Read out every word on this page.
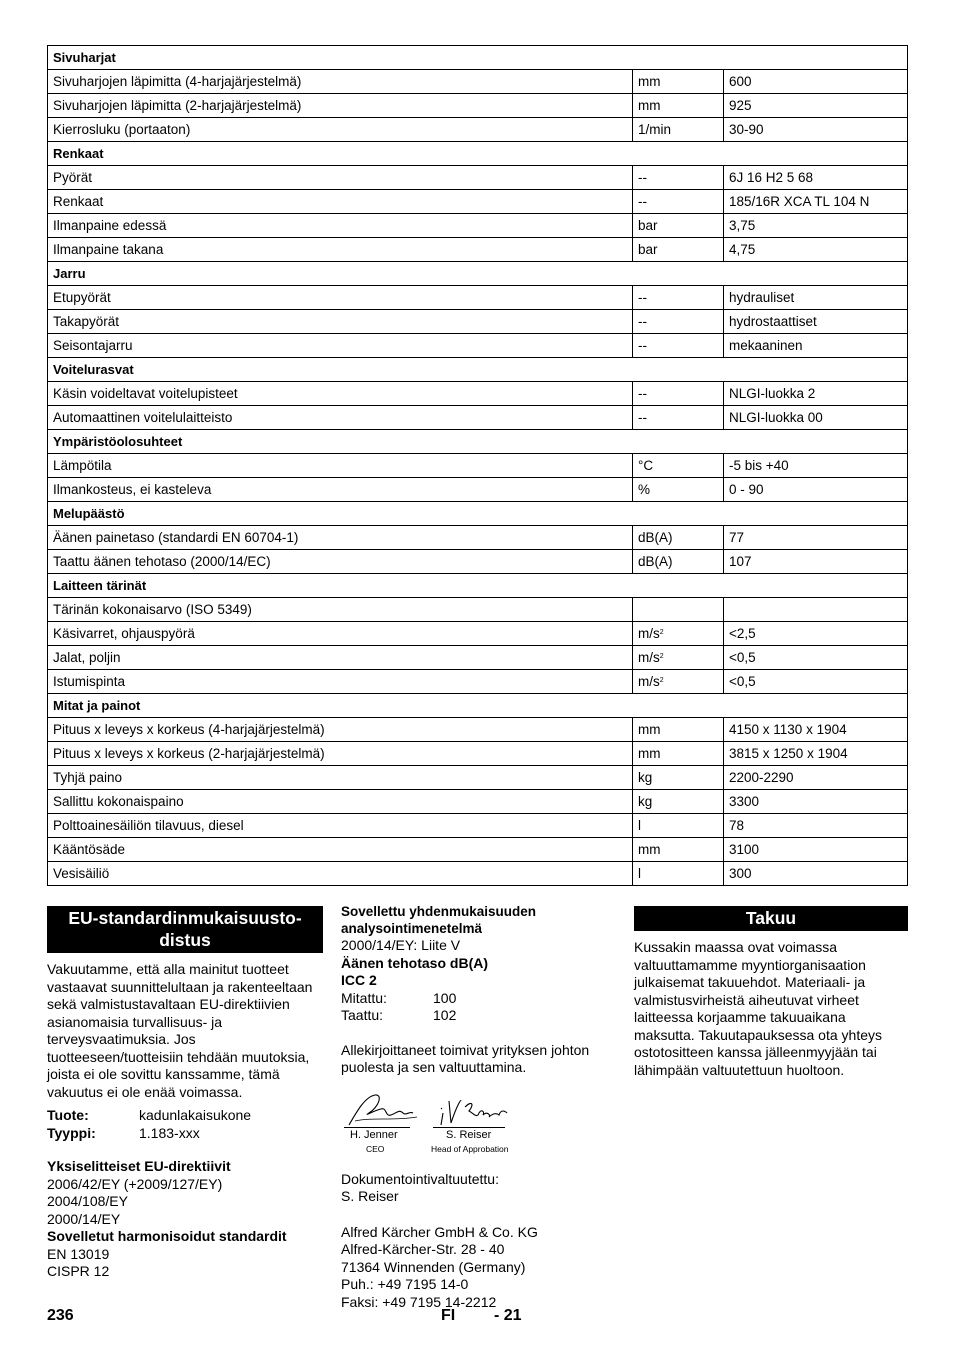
Sivuharjat		
Sivuharjojen läpimitta (4-harjajärjestelmä)	mm	600
Sivuharjojen läpimitta (2-harjajärjestelmä)	mm	925
Kierrosluku (portaaton)	1/min	30-90
Renkaat		
Pyörät	--	6J 16 H2 5 68
Renkaat	--	185/16R XCA TL 104 N
Ilmanpaine edessä	bar	3,75
Ilmanpaine takana	bar	4,75
Jarru		
Etupyörät	--	hydrauliset
Takapyörät	--	hydrostaattiset
Seisontajarru	--	mekaaninen
Voitelurasvat		
Käsin voideltavat voitelupisteet	--	NLGI-luokka 2
Automaattinen voitelulaitteisto	--	NLGI-luokka 00
Ympäristöolosuhteet		
Lämpötila	°C	-5 bis +40
Ilmankosteus, ei kasteleva	%	0 - 90
Melupäästö		
Äänen painetaso (standardi EN 60704-1)	dB(A)	77
Taattu äänen tehotaso (2000/14/EC)	dB(A)	107
Laitteen tärinät		
Tärinän kokonaisarvo (ISO 5349)		
Käsivarret, ohjauspyörä	$m/s^2$	<2,5
Jalat, poljin	$m/s^2$	<0,5
Istumispinta	$m/s^2$	<0,5
Mitat ja painot		
Pituus x leveys x korkeus (4-harjajärjestelmä)	mm	4150 x 1130 x 1904
Pituus x leveys x korkeus (2-harjajärjestelmä)	mm	3815 x 1250 x 1904
Tyhjä paino	kg	2200-2290
Sallittu kokonaispaino	kg	3300
Polttoainesäiliön tilavuus, diesel	l	78
Kääntösäde	mm	3100
Vesisäiliö	l	300
EU-standardinmukaisuusto-distus

Vakuutamme, että alla mainitut tuotteet vastaavat suunnittelultaan ja rakenteeltaan sekä valmistustavaltaan EU-direktiivien asianomaisia turvallisuus- ja terveysvaatimuksia. Jos tuotteeseen/tuotteisiin tehdään muutoksia, joista ei ole sovittu kanssamme, tämä vakuutus ei ole enää voimassa.

Tuote:	kadunlakaisukone
Tyyppi:	1.183-xxx
Yksiselitteiset EU-direktiivit
2006/42/EY (+2009/127/EY)
2004/108/EY
2000/14/EY
Sovelletut harmonisoidut standardit
EN 13019
CISPR 12
Sovellettu yhdenmukaisuuden analysointimenetelmä
2000/14/EY: Liite V
Äänen tehotaso dB(A)
ICC 2
Mitattu:	100
Taattu:	102

Allekirjoittaneet toimivat yrityksen johton puolesta ja sen valtuuttamina.

H. Jenner	S. Reiser
CEO	Head of Approbation
Dokumentointivaltuutettu:
S. Reiser
Alfred Kärcher GmbH & Co. KG
Alfred-Kärcher-Str. 28 - 40
71364 Winnenden (Germany)
Puh.: +49 7195 14-0
Faksi: +49 7195 14-2212
Takuu

Kussakin maassa ovat voimassa valtuuttamamme myyntiorganisaation julkaisemat takuuehdot. Materiaali- ja valmistusvirheistä aiheutuvat virheet laitteessa korjaamme takuuaikana maksutta. Takuutapauksessa ota yhteys ostotositteen kanssa jälleenmyyjään tai lähimpään valtuutettuun huoltoon.

236	FI - 21
